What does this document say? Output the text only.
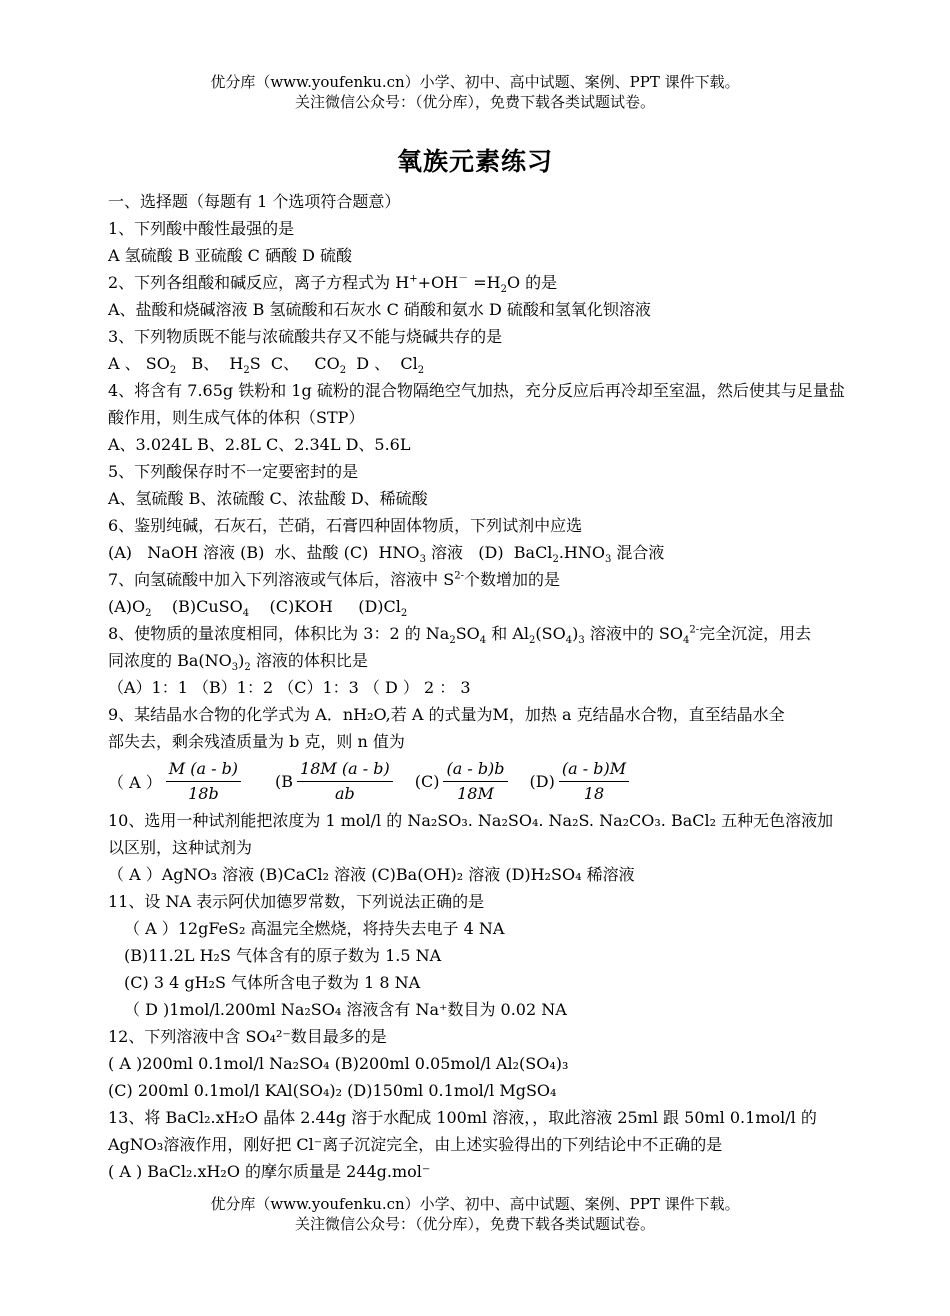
优分库（www.youfenku.cn）小学、初中、高中试题、案例、PPT 课件下载。
关注微信公众号：（优分库），免费下载各类试题试卷。
氧族元素练习
一、选择题（每题有 1 个选项符合题意）
1、下列酸中酸性最强的是
A 氢硫酸 B 亚硫酸 C 硒酸 D 硫酸
2、下列各组酸和碱反应，离子方程式为 $H^++OH^- =H_2O$ 的是
A、盐酸和烧碱溶液 B 氢硫酸和石灰水 C 硝酸和氨水 D 硫酸和氢氧化钡溶液
3、下列物质既不能与浓硫酸共存又不能与烧碱共存的是
A 、 $SO_2$   B、  $H_2S$  C、   $CO_2$  D 、  $Cl_2$
4、将含有 7.65g 铁粉和 1g 硫粉的混合物隔绝空气加热，充分反应后再冷却至室温，然后使其与足量盐酸作用，则生成气体的体积（STP）
A、3.024L B、2.8L C、2.34L D、5.6L
5、下列酸保存时不一定要密封的是
A、氢硫酸 B、浓硫酸 C、浓盐酸 D、稀硫酸
6、鉴别纯碱，石灰石，芒硝，石膏四种固体物质，下列试剂中应选
(A)   NaOH 溶液 (B)  水、盐酸 (C)  $HNO_3$ 溶液   (D)  $BaCl_2.HNO_3$ 混合液
7、向氢硫酸中加入下列溶液或气体后，溶液中 $S^{2-}$个数增加的是
$(A)O_2$    (B)CuSO$_4$    (C)KOH     $(D)Cl_2$
8、使物质的量浓度相同，体积比为 3：2 的 $Na_2SO_4$ 和 $Al_2(SO_4)_3$ 溶液中的 $SO_4^{2-}$完全沉淀，用去
同浓度的 $Ba(NO_3)_2$ 溶液的体积比是
（A）1：1 （B）1：2 （C）1：3 （ D ） 2 ： 3
9、某结晶水合物的化学式为 A．nH₂O,若 A 的式量为M，加热 a 克结晶水合物，直至结晶水全
部失去，剩余残渣质量为 b 克，则 n 值为
（ A ） $\frac{M (a - b)}{18b} (B \frac{18M (a - b)}{ab} (C) \frac{(a - b)b}{18M} (D) \frac{(a - b)M}{18}$
10、选用一种试剂能把浓度为 1 mol/l 的 Na₂SO₃. Na₂SO₄. Na₂S. Na₂CO₃. BaCl₂ 五种无色溶液加
以区别，这种试剂为
（ A ）AgNO₃ 溶液 (B)CaCl₂ 溶液 (C)Ba(OH)₂ 溶液 (D)H₂SO₄ 稀溶液
11、设 NA 表示阿伏加德罗常数，下列说法正确的是
（ A ）12gFeS₂ 高温完全燃烧，将持失去电子 4 NA
(B)11.2L H₂S 气体含有的原子数为 1.5 NA
(C) 3 4 gH₂S 气体所含电子数为 1 8 NA
（ D )1mol/l.200ml Na₂SO₄ 溶液含有 Na⁺数目为 0.02 NA
12、下列溶液中含 SO₄²⁻数目最多的是
( A )200ml 0.1mol/l Na₂SO₄ (B)200ml 0.05mol/l Al₂(SO₄)₃
(C) 200ml 0.1mol/l KAl(SO₄)₂ (D)150ml 0.1mol/l MgSO₄
13、将 BaCl₂.xH₂O 晶体 2.44g 溶于水配成 100ml 溶液，，取此溶液 25ml 跟 50ml 0.1mol/l 的
AgNO₃溶液作用，刚好把 Cl⁻离子沉淀完全，由上述实验得出的下列结论中不正确的是
( A ) BaCl₂.xH₂O 的摩尔质量是 244g.mol⁻
优分库（www.youfenku.cn）小学、初中、高中试题、案例、PPT 课件下载。
关注微信公众号：（优分库），免费下载各类试题试卷。
